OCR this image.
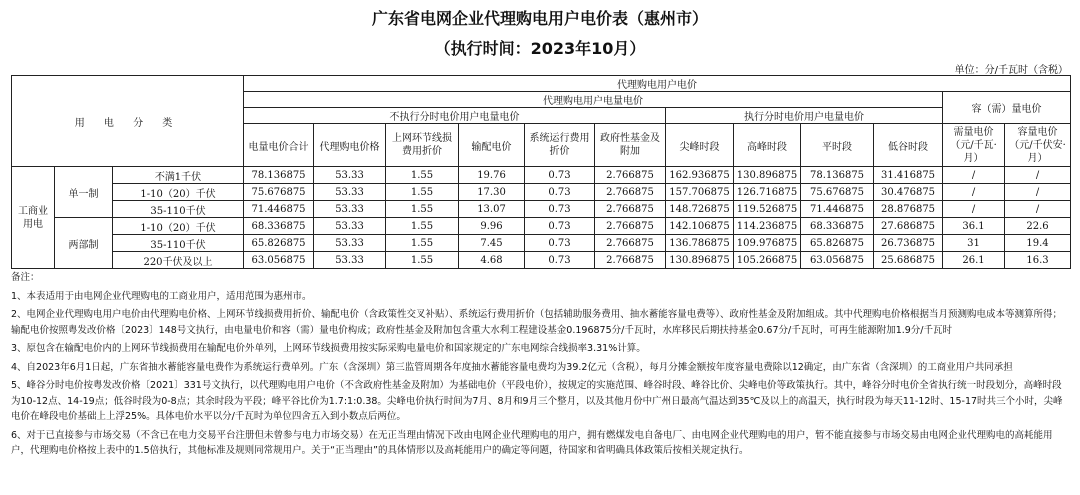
广东省电网企业代理购电用户电价表（惠州市）
（执行时间：2023年10月）
单位：分/千瓦时（含税）
用 电 分 类			代理购电用户电价											
			代理购电用户电量电价										容（需）量电价	
			不执行分时电价用户电量电价						执行分时电价用户电量电价					
			电量电价合计	代理购电价格	上网环节线损费用折价	输配电价	系统运行费用折价	政府性基金及附加	尖峰时段	高峰时段	平时段	低谷时段	需量电价（元/千瓦·月）	容量电价（元/千伏安·月）
工商业用电	单一制	不满1千伏	78.136875	53.33	1.55	19.76	0.73	2.766875	162.936875	130.896875	78.136875	31.416875	/	/
		1-10（20）千伏	75.676875	53.33	1.55	17.30	0.73	2.766875	157.706875	126.716875	75.676875	30.476875	/	/
		35-110千伏	71.446875	53.33	1.55	13.07	0.73	2.766875	148.726875	119.526875	71.446875	28.876875	/	/
	两部制	1-10（20）千伏	68.336875	53.33	1.55	9.96	0.73	2.766875	142.106875	114.236875	68.336875	27.686875	36.1	22.6
		35-110千伏	65.826875	53.33	1.55	7.45	0.73	2.766875	136.786875	109.976875	65.826875	26.736875	31	19.4
		220千伏及以上	63.056875	53.33	1.55	4.68	0.73	2.766875	130.896875	105.266875	63.056875	25.686875	26.1	16.3

备注：

1、本表适用于由电网企业代理购电的工商业用户，适用范围为惠州市。

2、电网企业代理购电用户电价由代理购电价格、上网环节线损费用折价、输配电价（含政策性交叉补贴）、系统运行费用折价（包括辅助服务费用、抽水蓄能容量电费等）、政府性基金及附加组成。其中代理购电价格根据当月预测购电成本等测算所得；输配电价按照粤发改价格〔2023〕148号文执行，由电量电价和容（需）量电价构成；政府性基金及附加包含重大水利工程建设基金0.196875分/千瓦时，水库移民后期扶持基金0.67分/千瓦时，可再生能源附加1.9分/千瓦时

3、原包含在输配电价内的上网环节线损费用在输配电价外单列，上网环节线损费用按实际采购电量电价和国家规定的广东电网综合线损率3.31%计算。

4、自2023年6月1日起，广东省抽水蓄能容量电费作为系统运行费单列。广东（含深圳）第三监管周期各年度抽水蓄能容量电费均为39.2亿元（含税），每月分摊金额按年度容量电费除以12确定，由广东省（含深圳）的工商业用户共同承担

5、峰谷分时电价按粤发改价格〔2021〕331号文执行，以代理购电用户电价（不含政府性基金及附加）为基础电价（平段电价），按规定的实施范围、峰谷时段、峰谷比价、尖峰电价等政策执行。其中，峰谷分时电价全省执行统一时段划分，高峰时段为10-12点、14-19点；低谷时段为0-8点；其余时段为平段；峰平谷比价为1.7:1:0.38。尖峰电价执行时间为7月、8月和9月三个整月，以及其他月份中广州日最高气温达到35℃及以上的高温天，执行时段为每天11-12时、15-17时共三个小时，尖峰电价在峰段电价基础上上浮25%。具体电价水平以分/千瓦时为单位四舍五入到小数点后两位。

6、对于已直接参与市场交易（不含已在电力交易平台注册但未曾参与电力市场交易）在无正当理由情况下改由电网企业代理购电的用户，拥有燃煤发电自备电厂、由电网企业代理购电的用户，暂不能直接参与市场交易由电网企业代理购电的高耗能用户，代理购电价格按上表中的1.5倍执行，其他标准及规则同常规用户。关于“正当理由”的具体情形以及高耗能用户的确定等问题，待国家和省明确具体政策后按相关规定执行。
